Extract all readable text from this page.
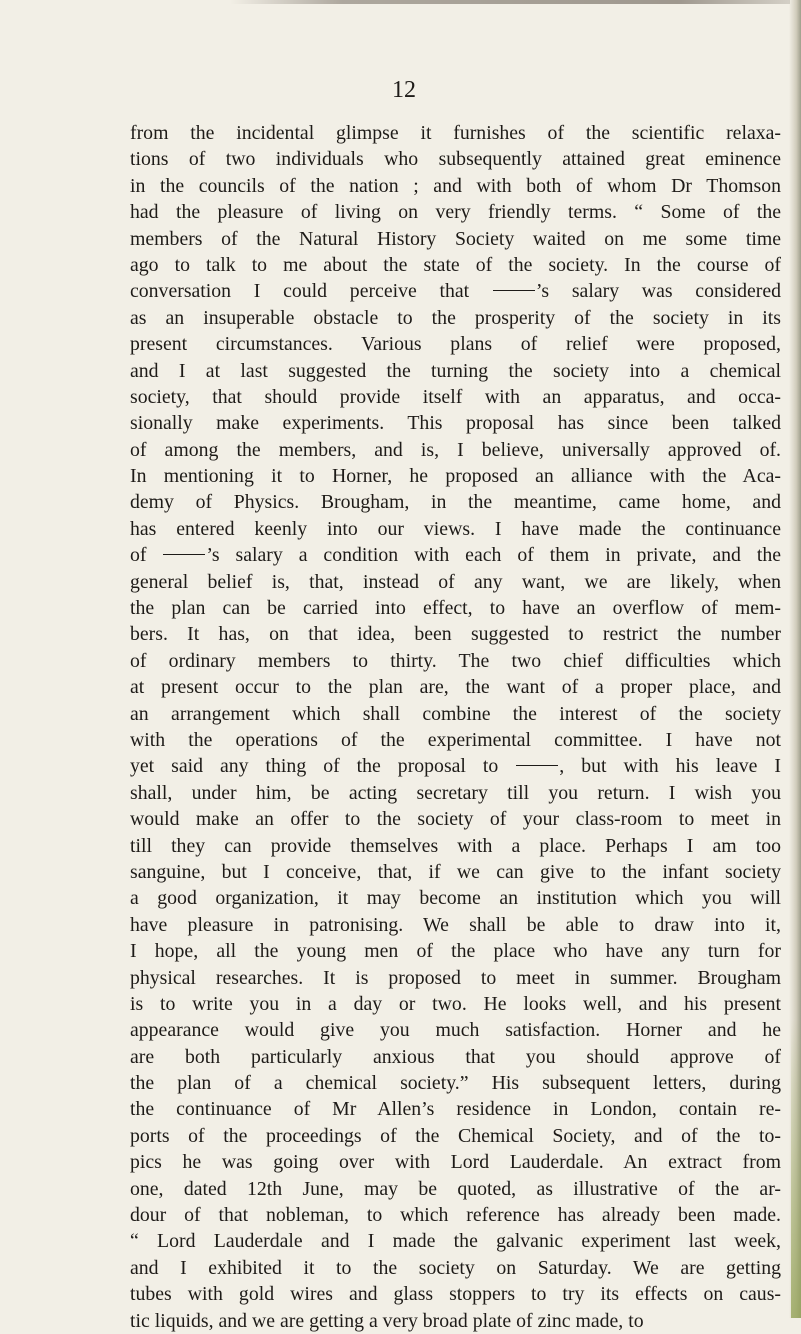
12
from the incidental glimpse it furnishes of the scientific relaxa-
tions of two individuals who subsequently attained great eminence
in the councils of the nation ; and with both of whom Dr Thomson
had the pleasure of living on very friendly terms. “ Some of the
members of the Natural History Society waited on me some time
ago to talk to me about the state of the society. In the course of
conversation I could perceive that ’s salary was considered
as an insuperable obstacle to the prosperity of the society in its
present circumstances. Various plans of relief were proposed,
and I at last suggested the turning the society into a chemical
society, that should provide itself with an apparatus, and occa-
sionally make experiments. This proposal has since been talked
of among the members, and is, I believe, universally approved of.
In mentioning it to Horner, he proposed an alliance with the Aca-
demy of Physics. Brougham, in the meantime, came home, and
has entered keenly into our views. I have made the continuance
of ’s salary a condition with each of them in private, and the
general belief is, that, instead of any want, we are likely, when
the plan can be carried into effect, to have an overflow of mem-
bers. It has, on that idea, been suggested to restrict the number
of ordinary members to thirty. The two chief difficulties which
at present occur to the plan are, the want of a proper place, and
an arrangement which shall combine the interest of the society
with the operations of the experimental committee. I have not
yet said any thing of the proposal to , but with his leave I
shall, under him, be acting secretary till you return. I wish you
would make an offer to the society of your class-room to meet in
till they can provide themselves with a place. Perhaps I am too
sanguine, but I conceive, that, if we can give to the infant society
a good organization, it may become an institution which you will
have pleasure in patronising. We shall be able to draw into it,
I hope, all the young men of the place who have any turn for
physical researches. It is proposed to meet in summer. Brougham
is to write you in a day or two. He looks well, and his present
appearance would give you much satisfaction. Horner and he
are both particularly anxious that you should approve of
the plan of a chemical society.” His subsequent letters, during
the continuance of Mr Allen’s residence in London, contain re-
ports of the proceedings of the Chemical Society, and of the to-
pics he was going over with Lord Lauderdale. An extract from
one, dated 12th June, may be quoted, as illustrative of the ar-
dour of that nobleman, to which reference has already been made.
“ Lord Lauderdale and I made the galvanic experiment last week,
and I exhibited it to the society on Saturday. We are getting
tubes with gold wires and glass stoppers to try its effects on caus-
tic liquids, and we are getting a very broad plate of zinc made, to
